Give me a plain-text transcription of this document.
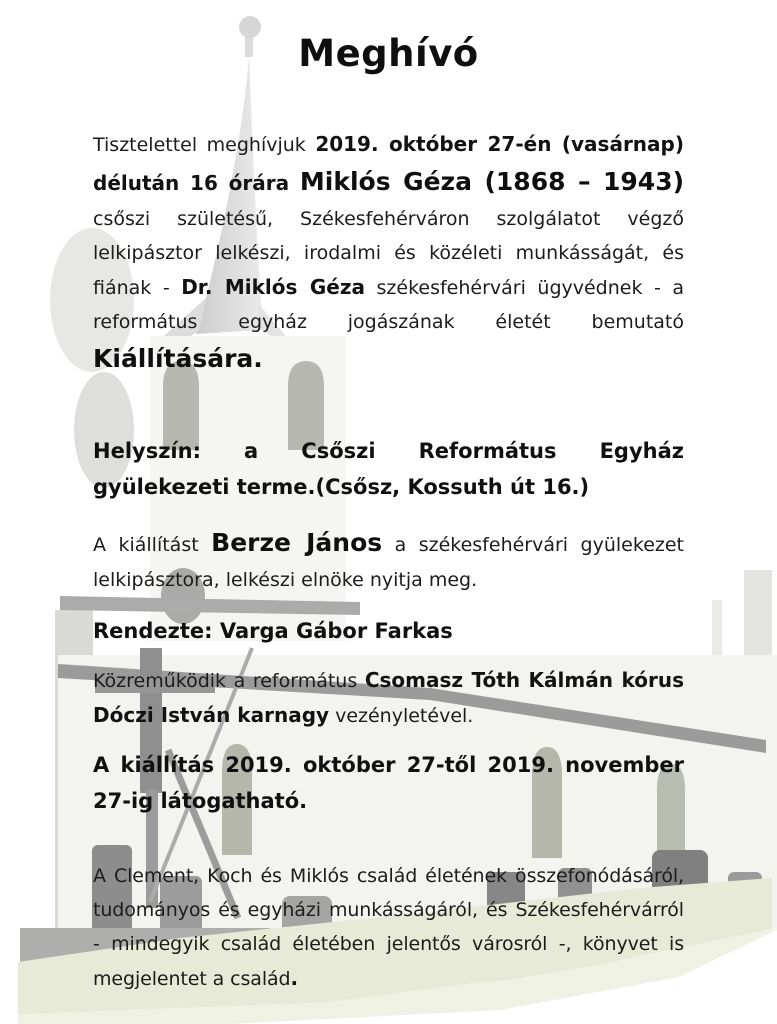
Meghívó

Tisztelettel meghívjuk 2019. október 27-én (vasárnap) délután 16 órára Miklós Géza (1868 – 1943) csőszi születésű, Székesfehérváron szolgálatot végző lelkipásztor lelkészi, irodalmi és közéleti munkásságát, és fiának - Dr. Miklós Géza székesfehérvári ügyvédnek - a református egyház jogászának életét bemutató Kiállítására.

Helyszín: a Csőszi Református Egyház gyülekezeti terme.(Csősz, Kossuth út 16.)

A kiállítást Berze János a székesfehérvári gyülekezet lelkipásztora, lelkészi elnöke nyitja meg.

Rendezte: Varga Gábor Farkas

Közreműködik a református Csomasz Tóth Kálmán kórus Dóczi István karnagy vezényletével.

A kiállítás 2019. október 27-től 2019. november 27-ig látogatható.

A Clement, Koch és Miklós család életének összefonódásáról, tudományos és egyházi munkásságáról, és Székesfehérvárról - mindegyik család életében jelentős városról -, könyvet is megjelentet a család.
